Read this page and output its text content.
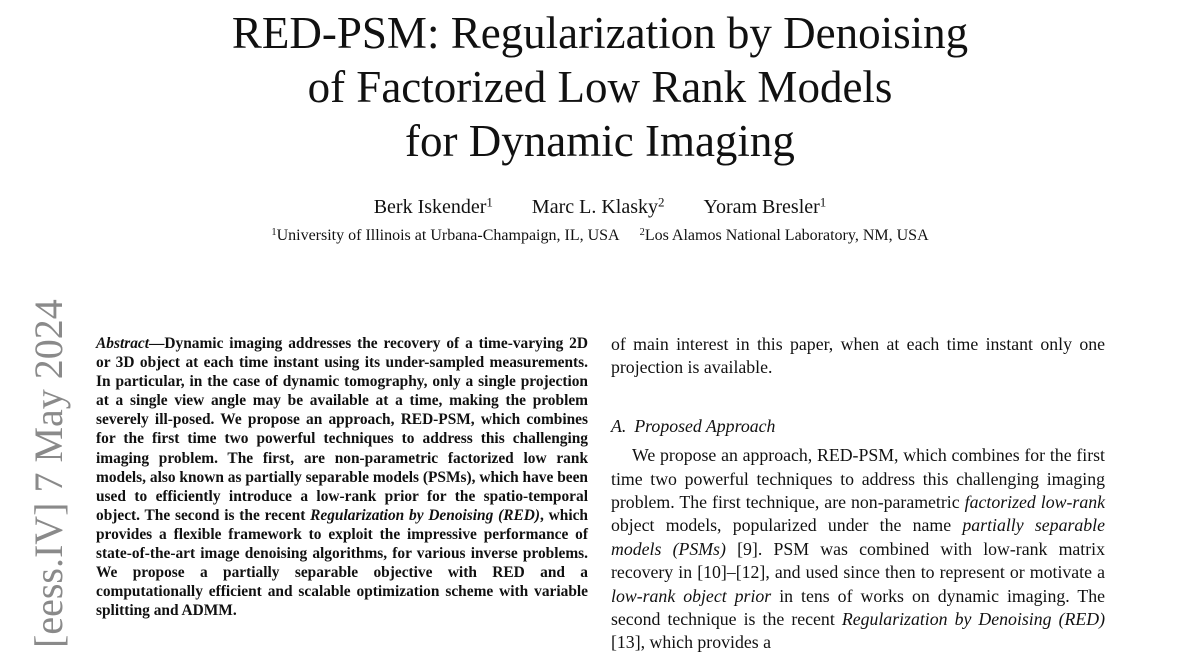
RED-PSM: Regularization by Denoising
of Factorized Low Rank Models
for Dynamic Imaging
Berk Iskender$^1$ Marc L. Klasky$^2$ Yoram Bresler$^1$
$^1$University of Illinois at Urbana-Champaign, IL, USA $^2$Los Alamos National Laboratory, NM, USA
[eess.IV] 7 May 2024 Abstract—Dynamic imaging addresses the recovery of a time-varying 2D or 3D object at each time instant using its under-sampled measurements. In particular, in the case of dynamic tomography, only a single projection at a single view angle may be available at a time, making the problem severely ill-posed. We propose an approach, RED-PSM, which combines for the first time two powerful techniques to address this challenging imaging problem. The first, are non-parametric factorized low rank models, also known as partially separable models (PSMs), which have been used to efficiently introduce a low-rank prior for the spatio-temporal object. The second is the recent Regularization by Denoising (RED), which provides a flexible framework to exploit the impressive performance of state-of-the-art image denoising algorithms, for various inverse problems. We propose a partially separable objective with RED and a computationally efficient and scalable optimization scheme with variable splitting and ADMM.

of main interest in this paper, when at each time instant only one projection is available.

A. Proposed Approach

We propose an approach, RED-PSM, which combines for the first time two powerful techniques to address this challenging imaging problem. The first technique, are non-parametric factorized low-rank object models, popularized under the name partially separable models (PSMs) [9]. PSM was combined with low-rank matrix recovery in [10]–[12], and used since then to represent or motivate a low-rank object prior in tens of works on dynamic imaging. The second technique is the recent Regularization by Denoising (RED) [13], which provides a
